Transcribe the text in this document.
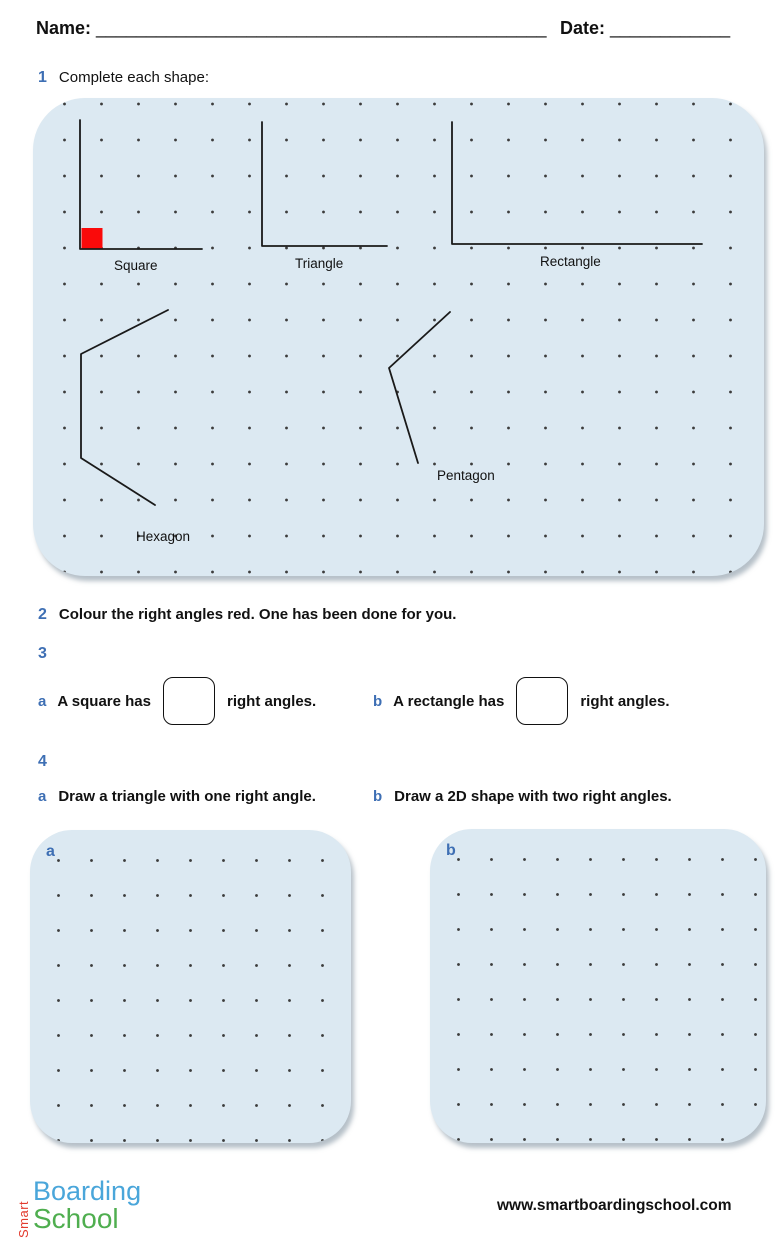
Name: _____________________________________________ Date: ____________
1 Complete each shape:
Square	Triangle	Rectangle
Pentagon
Hexagon
2 Colour the right angles red. One has been done for you.
3
a A square has	right angles.	b A rectangle has	right angles.
4
a Draw a triangle with one right angle.	b Draw a 2D shape with two right angles.
a	b
Smart
Boarding
School	www.smartboardingschool.com
